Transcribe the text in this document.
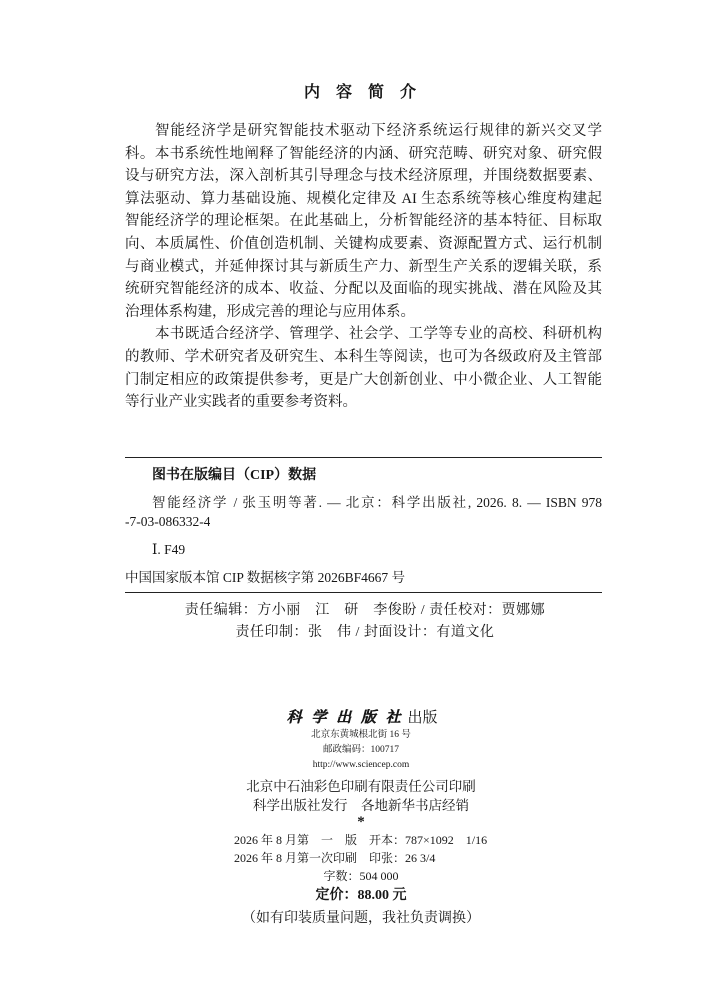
内 容 简 介
智能经济学是研究智能技术驱动下经济系统运行规律的新兴交叉学
科。本书系统性地阐释了智能经济的内涵、研究范畴、研究对象、研究假
设与研究方法，深入剖析其引导理念与技术经济原理，并围绕数据要素、
算法驱动、算力基础设施、规模化定律及 AI 生态系统等核心维度构建起
智能经济学的理论框架。在此基础上，分析智能经济的基本特征、目标取
向、本质属性、价值创造机制、关键构成要素、资源配置方式、运行机制
与商业模式，并延伸探讨其与新质生产力、新型生产关系的逻辑关联，系
统研究智能经济的成本、收益、分配以及面临的现实挑战、潜在风险及其
治理体系构建，形成完善的理论与应用体系。
本书既适合经济学、管理学、社会学、工学等专业的高校、科研机构
的教师、学术研究者及研究生、本科生等阅读，也可为各级政府及主管部
门制定相应的政策提供参考，更是广大创新创业、中小微企业、人工智能
等行业产业实践者的重要参考资料。
图书在版编目（CIP）数据
智能经济学 / 张玉明等著. — 北京：科学出版社, 2026. 8. — ISBN 978
-7-03-086332-4
Ⅰ. F49
中国国家版本馆 CIP 数据核字第 2026BF4667 号
责任编辑：方小丽　江　研　李俊盼 / 责任校对：贾娜娜
责任印制：张　伟 / 封面设计：有道文化
科 学 出 版 社 出版
北京东黄城根北街 16 号
邮政编码：100717
http://www.sciencep.com
北京中石油彩色印刷有限责任公司印刷
科学出版社发行　各地新华书店经销
*
2026 年 8 月第　一　版　开本：787×1092　1/16
2026 年 8 月第一次印刷　印张：26 3/4
字数：504 000
定价：88.00 元
（如有印装质量问题，我社负责调换）
